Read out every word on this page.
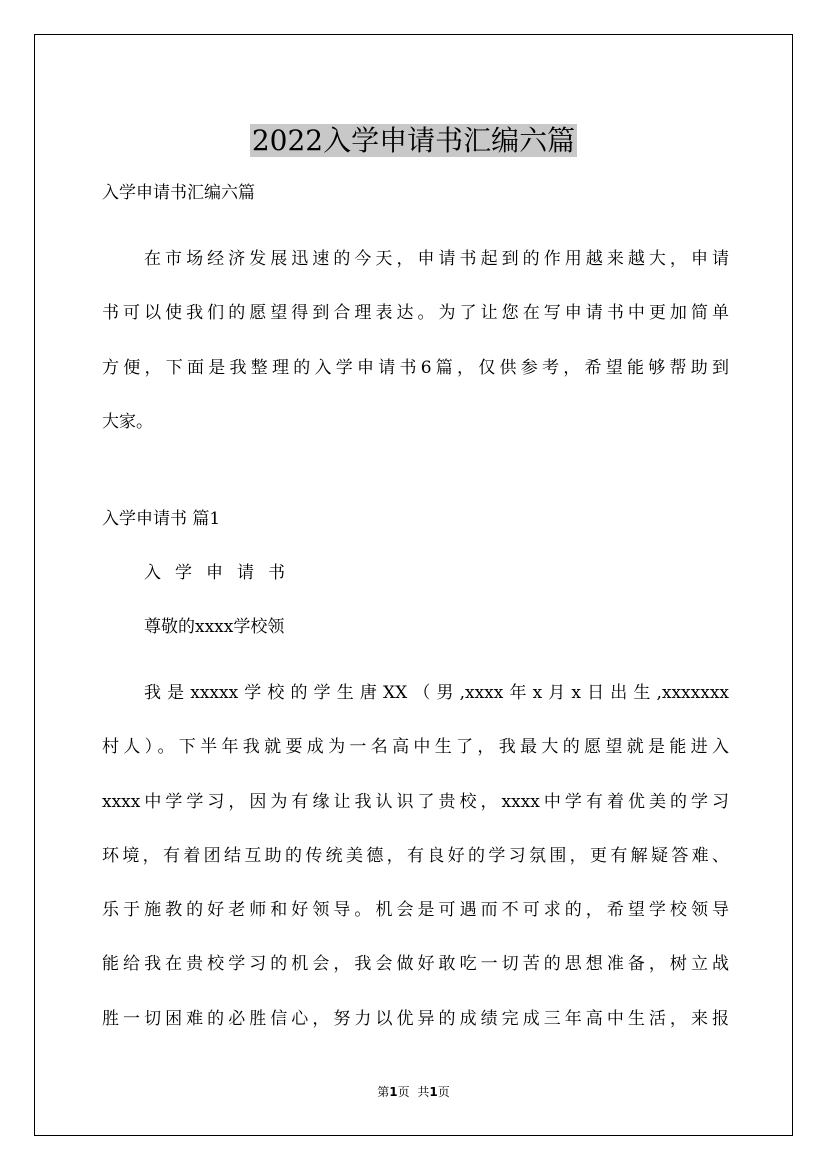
2022入学申请书汇编六篇

入学申请书汇编六篇

在市场经济发展迅速的今天，申请书起到的作用越来越大，申请
书可以使我们的愿望得到合理表达。为了让您在写申请书中更加简单
方便，下面是我整理的入学申请书6篇，仅供参考，希望能够帮助到
大家。

入学申请书 篇1

入学申请书

尊敬的xxxx学校领

我是xxxxx学校的学生唐XX（男,xxxx年x月x日出生,xxxxxxx
村人）。下半年我就要成为一名高中生了，我最大的愿望就是能进入
xxxx中学学习，因为有缘让我认识了贵校，xxxx中学有着优美的学习
环境，有着团结互助的传统美德，有良好的学习氛围，更有解疑答难、
乐于施教的好老师和好领导。机会是可遇而不可求的，希望学校领导
能给我在贵校学习的机会，我会做好敢吃一切苦的思想准备，树立战
胜一切困难的必胜信心，努力以优异的成绩完成三年高中生活，来报
第1页 共1页
